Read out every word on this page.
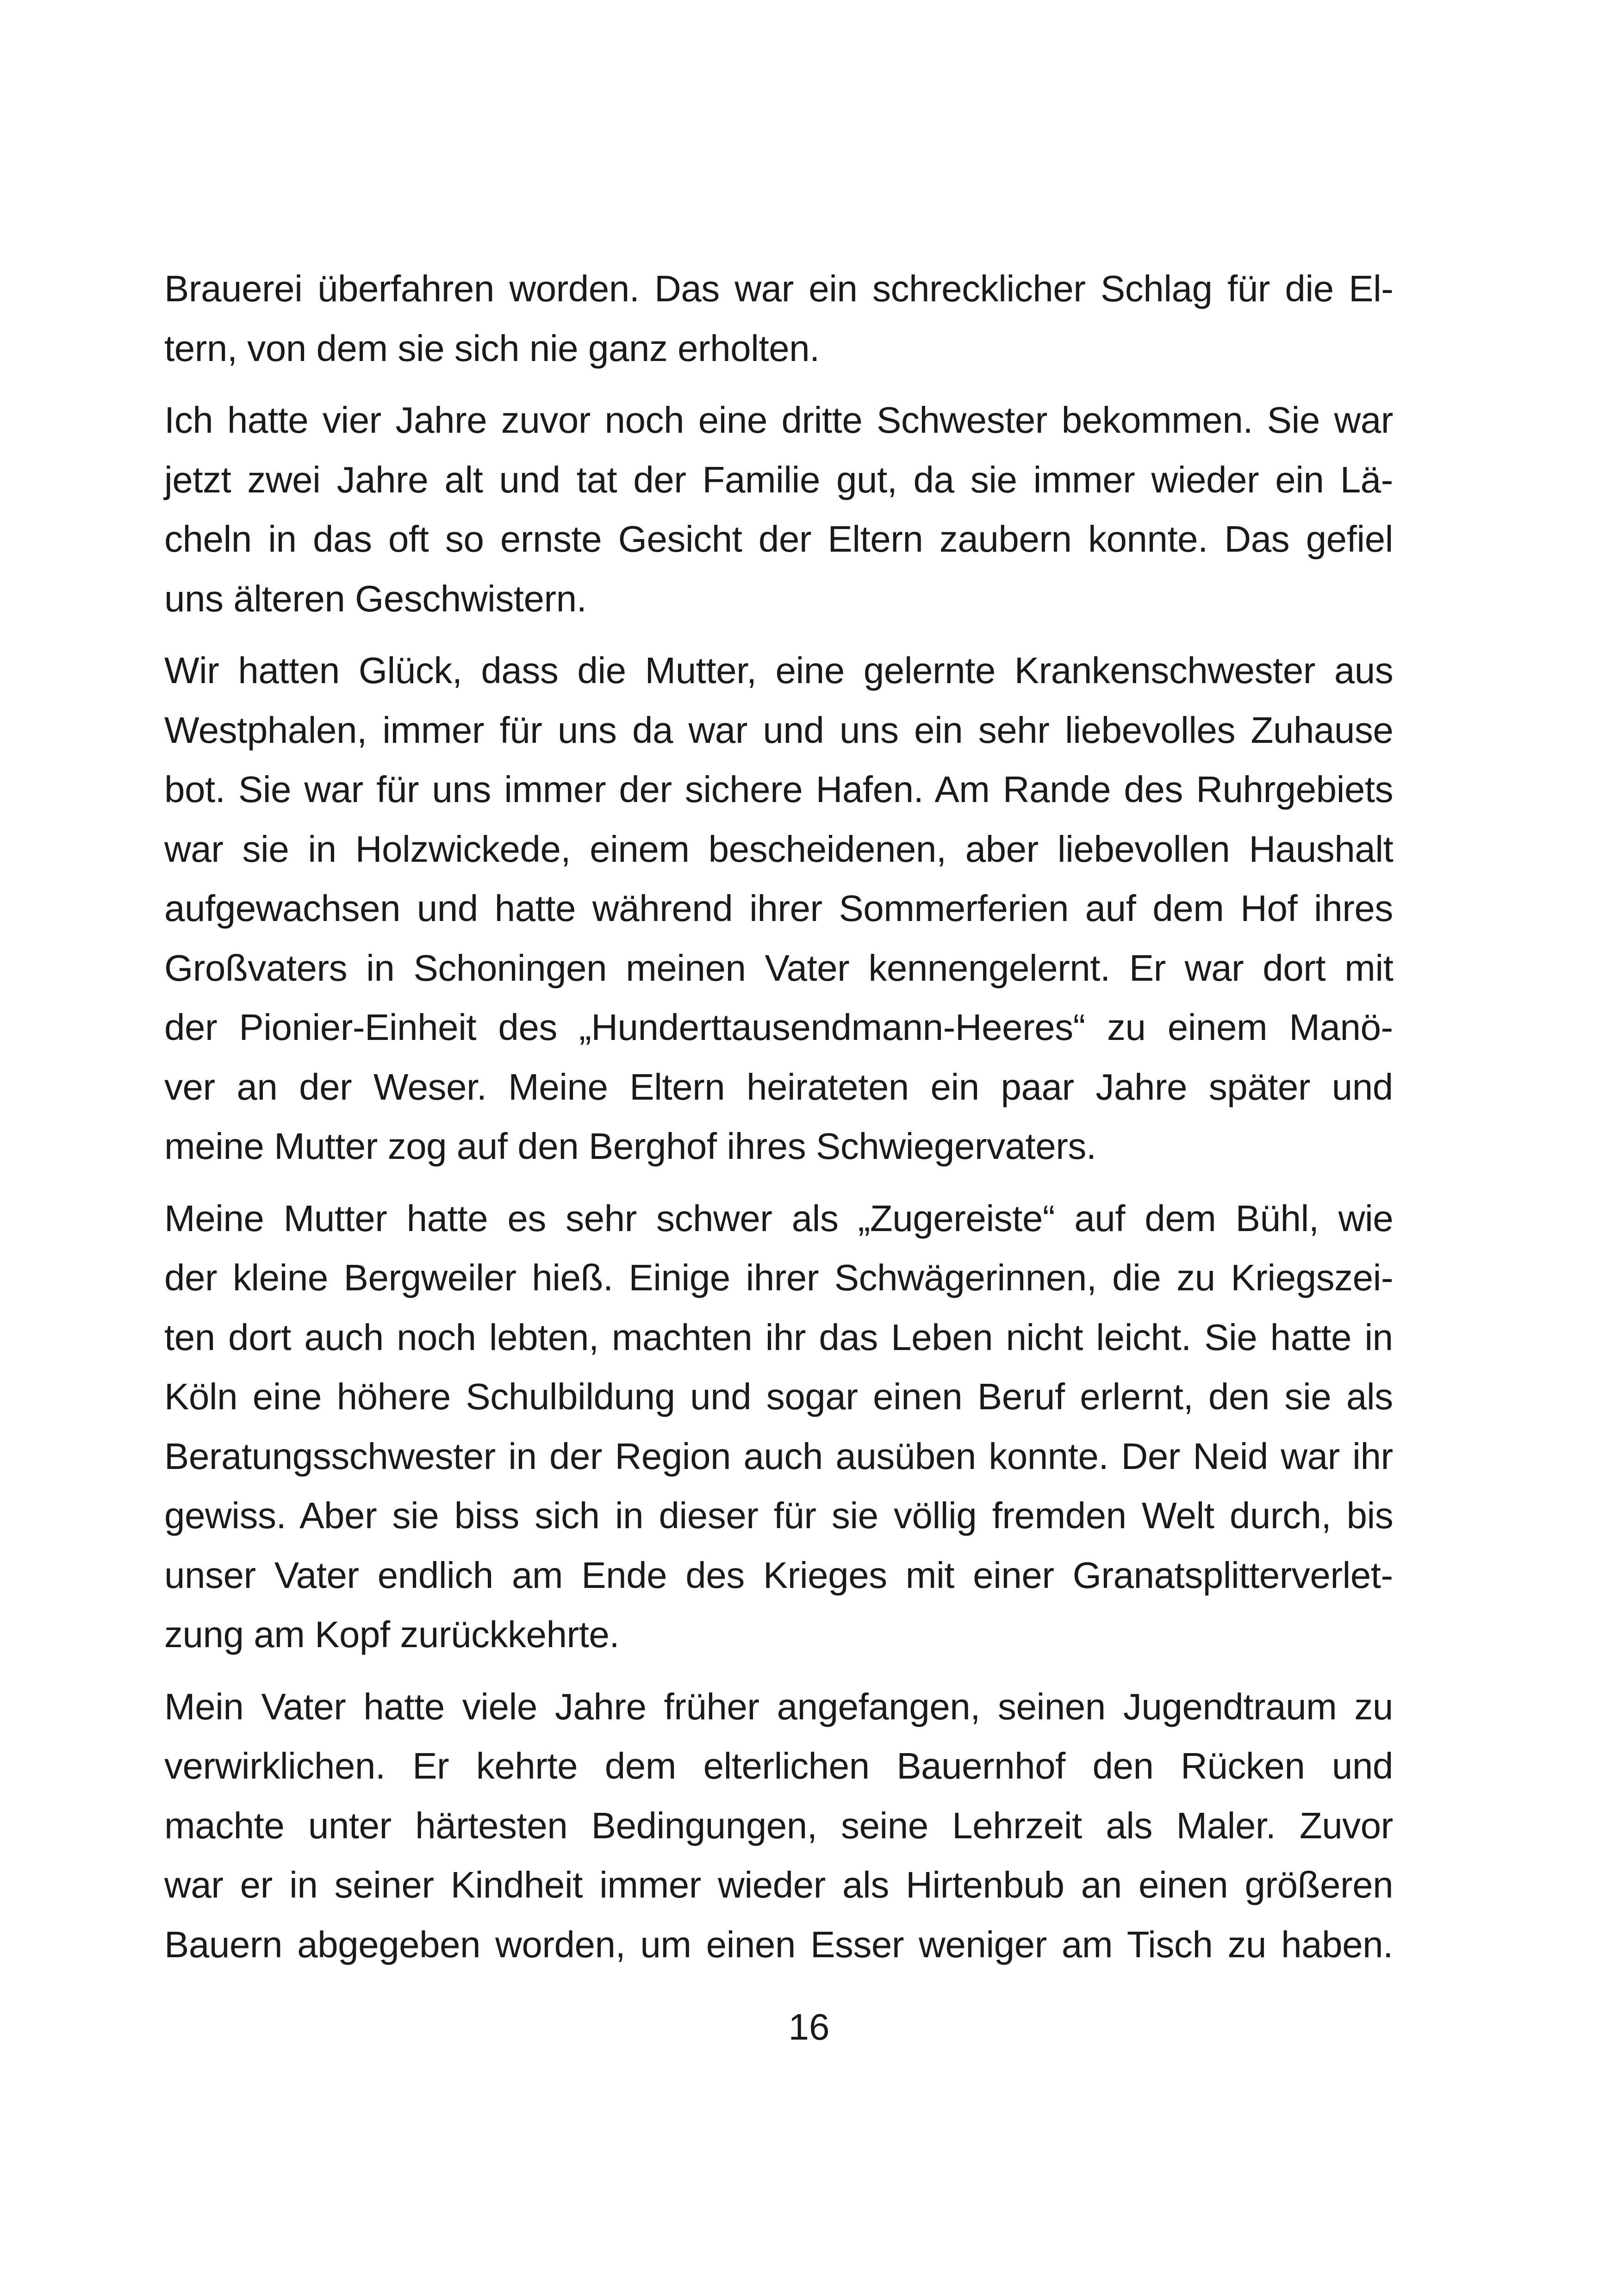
Brauerei überfahren worden. Das war ein schrecklicher Schlag für die El-
tern, von dem sie sich nie ganz erholten.
Ich hatte vier Jahre zuvor noch eine dritte Schwester bekommen. Sie war
jetzt zwei Jahre alt und tat der Familie gut, da sie immer wieder ein Lä-
cheln in das oft so ernste Gesicht der Eltern zaubern konnte. Das gefiel
uns älteren Geschwistern.
Wir hatten Glück, dass die Mutter, eine gelernte Krankenschwester aus
Westphalen, immer für uns da war und uns ein sehr liebevolles Zuhause
bot. Sie war für uns immer der sichere Hafen. Am Rande des Ruhrgebiets
war sie in Holzwickede, einem bescheidenen, aber liebevollen Haushalt
aufgewachsen und hatte während ihrer Sommerferien auf dem Hof ihres
Großvaters in Schoningen meinen Vater kennengelernt. Er war dort mit
der Pionier-Einheit des „Hunderttausendmann-Heeres“ zu einem Manö-
ver an der Weser. Meine Eltern heirateten ein paar Jahre später und
meine Mutter zog auf den Berghof ihres Schwiegervaters.
Meine Mutter hatte es sehr schwer als „Zugereiste“ auf dem Bühl, wie
der kleine Bergweiler hieß. Einige ihrer Schwägerinnen, die zu Kriegszei-
ten dort auch noch lebten, machten ihr das Leben nicht leicht. Sie hatte in
Köln eine höhere Schulbildung und sogar einen Beruf erlernt, den sie als
Beratungsschwester in der Region auch ausüben konnte. Der Neid war ihr
gewiss. Aber sie biss sich in dieser für sie völlig fremden Welt durch, bis
unser Vater endlich am Ende des Krieges mit einer Granatsplitterverlet-
zung am Kopf zurückkehrte.
Mein Vater hatte viele Jahre früher angefangen, seinen Jugendtraum zu
verwirklichen. Er kehrte dem elterlichen Bauernhof den Rücken und
machte unter härtesten Bedingungen, seine Lehrzeit als Maler. Zuvor
war er in seiner Kindheit immer wieder als Hirtenbub an einen größeren
Bauern abgegeben worden, um einen Esser weniger am Tisch zu haben.
16
